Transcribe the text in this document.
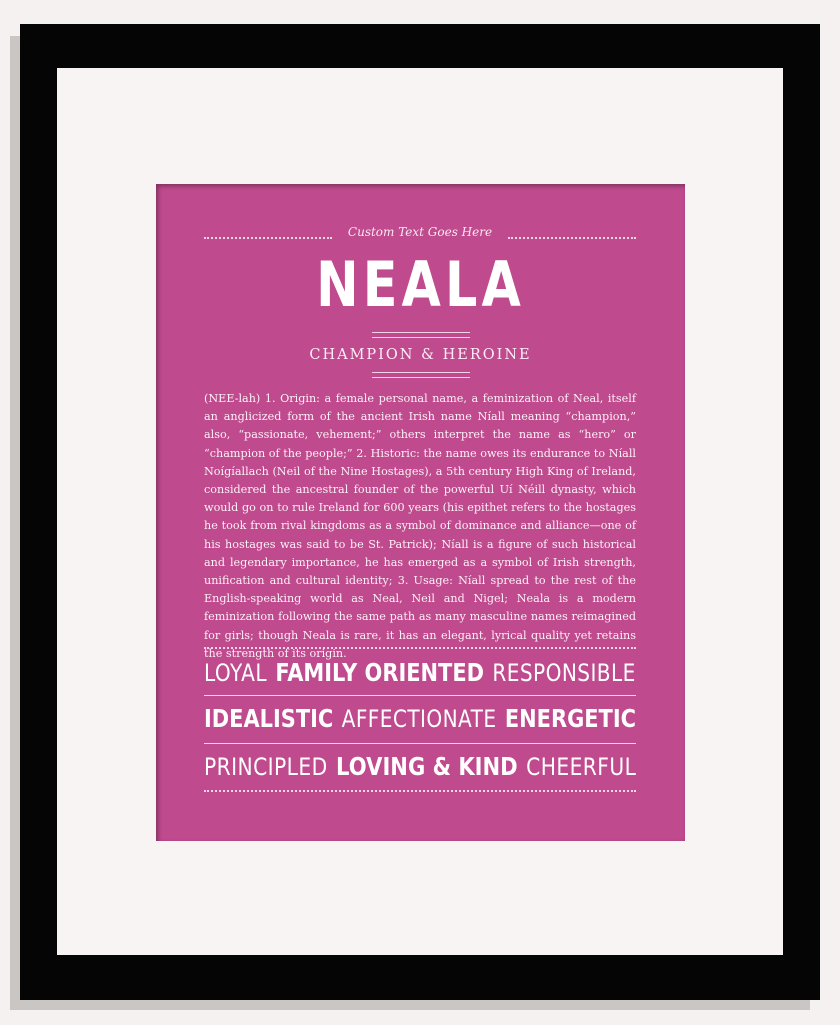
Custom Text Goes Here
NEALA
CHAMPION & HEROINE
(NEE-lah) 1. Origin: a female personal name, a feminization of Neal, itself an anglicized form of the ancient Irish name Níall meaning “champion,” also, “passionate, vehement;” others interpret the name as “hero” or “champion of the people;” 2. Historic: the name owes its endurance to Níall Noígíallach (Neil of the Nine Hostages), a 5th century High King of Ireland, considered the ancestral founder of the powerful Uí Néill dynasty, which would go on to rule Ireland for 600 years (his epithet refers to the hostages he took from rival kingdoms as a symbol of dominance and alliance—one of his hostages was said to be St. Patrick); Níall is a figure of such historical and legendary importance, he has emerged as a symbol of Irish strength, unification and cultural identity; 3. Usage: Níall spread to the rest of the English-speaking world as Neal, Neil and Nigel; Neala is a modern feminization following the same path as many masculine names reimagined for girls; though Neala is rare, it has an elegant, lyrical quality yet retains the strength of its origin.
LOYAL FAMILY ORIENTED RESPONSIBLE
IDEALISTIC AFFECTIONATE ENERGETIC
PRINCIPLED LOVING & KIND CHEERFUL
